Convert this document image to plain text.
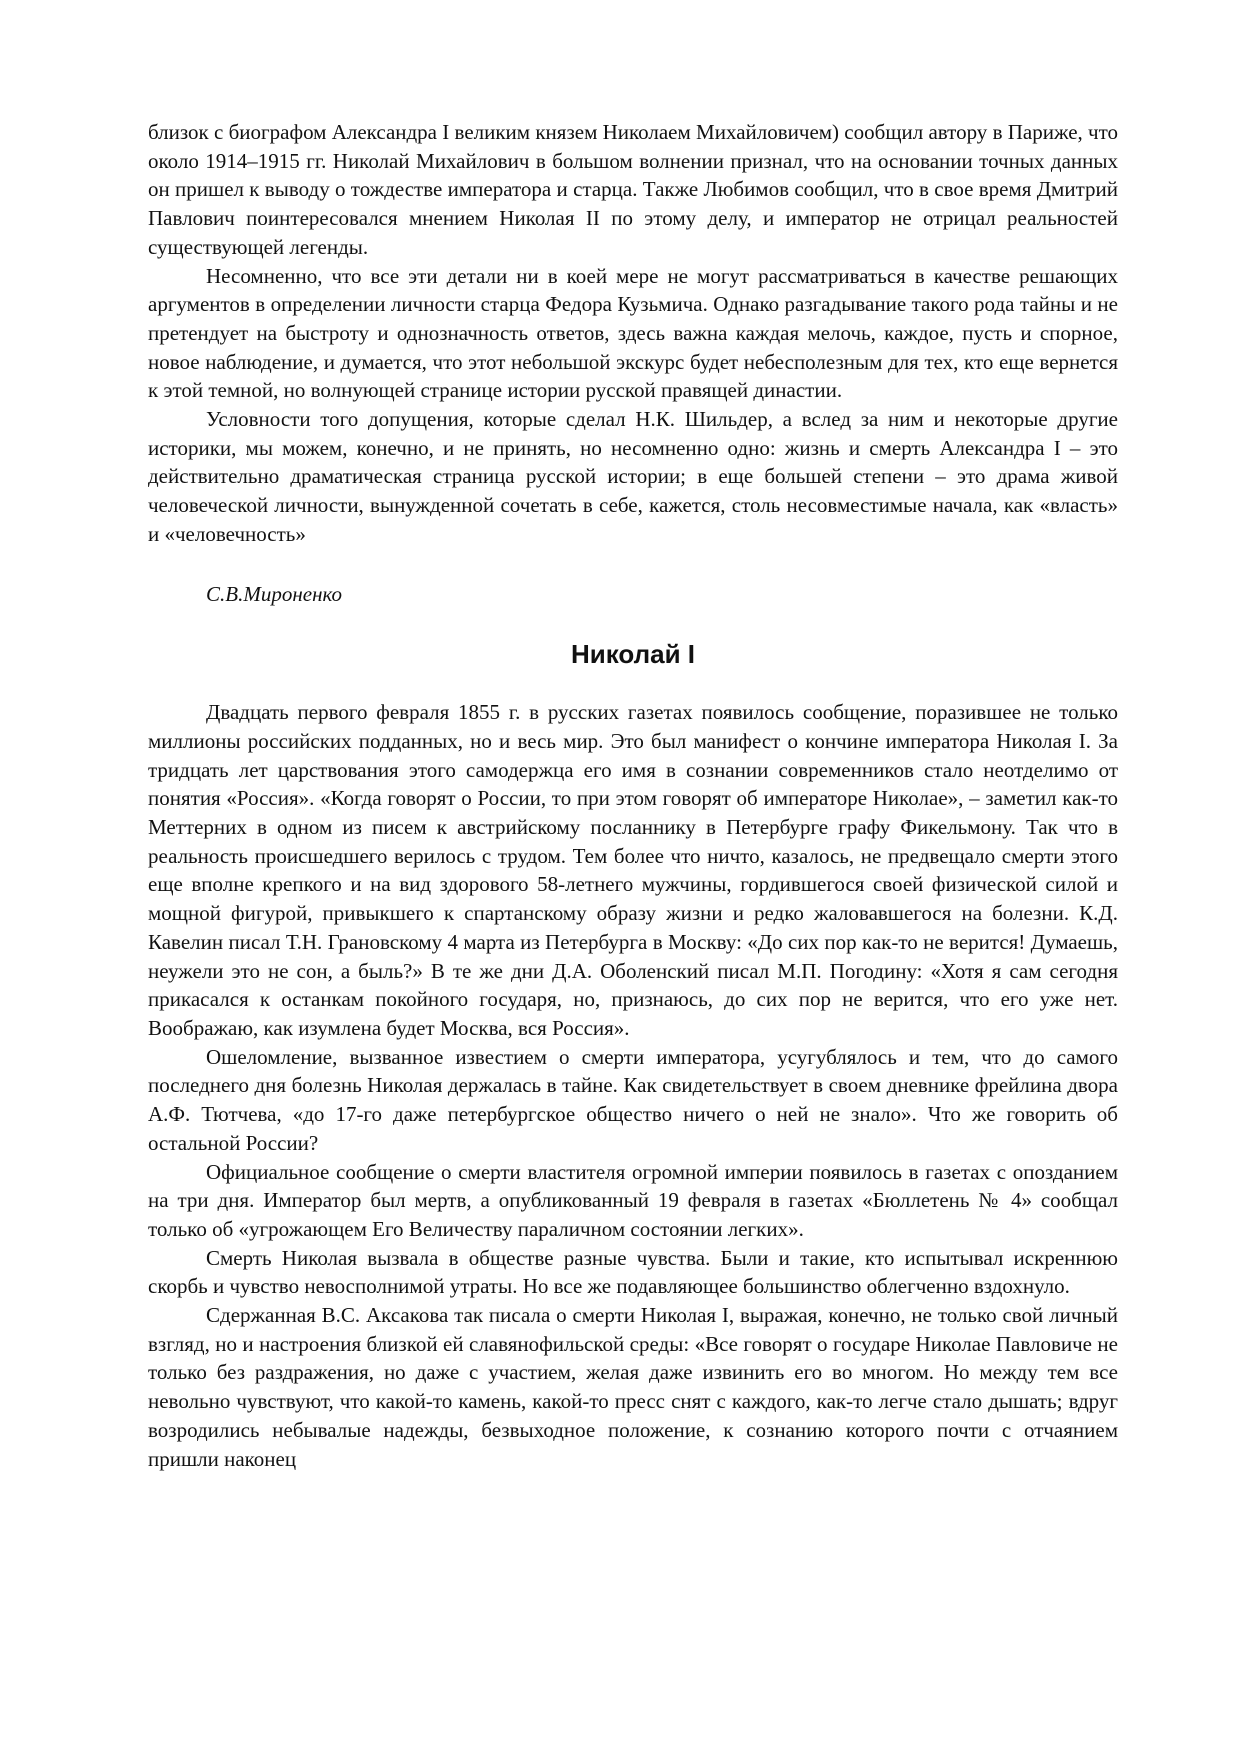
близок с биографом Александра I великим князем Николаем Михайловичем) сообщил автору в Париже, что около 1914–1915 гг. Николай Михайлович в большом волнении признал, что на основании точных данных он пришел к выводу о тождестве императора и старца. Также Любимов сообщил, что в свое время Дмитрий Павлович поинтересовался мнением Николая II по этому делу, и император не отрицал реальностей существующей легенды.

Несомненно, что все эти детали ни в коей мере не могут рассматриваться в качестве решающих аргументов в определении личности старца Федора Кузьмича. Однако разгадывание такого рода тайны и не претендует на быстроту и однозначность ответов, здесь важна каждая мелочь, каждое, пусть и спорное, новое наблюдение, и думается, что этот небольшой экскурс будет небесполезным для тех, кто еще вернется к этой темной, но волнующей странице истории русской правящей династии.

Условности того допущения, которые сделал Н.К. Шильдер, а вслед за ним и некоторые другие историки, мы можем, конечно, и не принять, но несомненно одно: жизнь и смерть Александра I – это действительно драматическая страница русской истории; в еще большей степени – это драма живой человеческой личности, вынужденной сочетать в себе, кажется, столь несовместимые начала, как «власть» и «человечность»

С.В.Мироненко

Николай I

Двадцать первого февраля 1855 г. в русских газетах появилось сообщение, поразившее не только миллионы российских подданных, но и весь мир. Это был манифест о кончине императора Николая I. За тридцать лет царствования этого самодержца его имя в сознании современников стало неотделимо от понятия «Россия». «Когда говорят о России, то при этом говорят об императоре Николае», – заметил как-то Меттерних в одном из писем к австрийскому посланнику в Петербурге графу Фикельмону. Так что в реальность происшедшего верилось с трудом. Тем более что ничто, казалось, не предвещало смерти этого еще вполне крепкого и на вид здорового 58-летнего мужчины, гордившегося своей физической силой и мощной фигурой, привыкшего к спартанскому образу жизни и редко жаловавшегося на болезни. К.Д. Кавелин писал Т.Н. Грановскому 4 марта из Петербурга в Москву: «До сих пор как-то не верится! Думаешь, неужели это не сон, а быль?» В те же дни Д.А. Оболенский писал М.П. Погодину: «Хотя я сам сегодня прикасался к останкам покойного государя, но, признаюсь, до сих пор не верится, что его уже нет. Воображаю, как изумлена будет Москва, вся Россия».

Ошеломление, вызванное известием о смерти императора, усугублялось и тем, что до самого последнего дня болезнь Николая держалась в тайне. Как свидетельствует в своем дневнике фрейлина двора А.Ф. Тютчева, «до 17-го даже петербургское общество ничего о ней не знало». Что же говорить об остальной России?

Официальное сообщение о смерти властителя огромной империи появилось в газетах с опозданием на три дня. Император был мертв, а опубликованный 19 февраля в газетах «Бюллетень № 4» сообщал только об «угрожающем Его Величеству параличном состоянии легких».

Смерть Николая вызвала в обществе разные чувства. Были и такие, кто испытывал искреннюю скорбь и чувство невосполнимой утраты. Но все же подавляющее большинство облегченно вздохнуло.

Сдержанная В.С. Аксакова так писала о смерти Николая I, выражая, конечно, не только свой личный взгляд, но и настроения близкой ей славянофильской среды: «Все говорят о государе Николае Павловиче не только без раздражения, но даже с участием, желая даже извинить его во многом. Но между тем все невольно чувствуют, что какой-то камень, какой-то пресс снят с каждого, как-то легче стало дышать; вдруг возродились небывалые надежды, безвыходное положение, к сознанию которого почти с отчаянием пришли наконец
